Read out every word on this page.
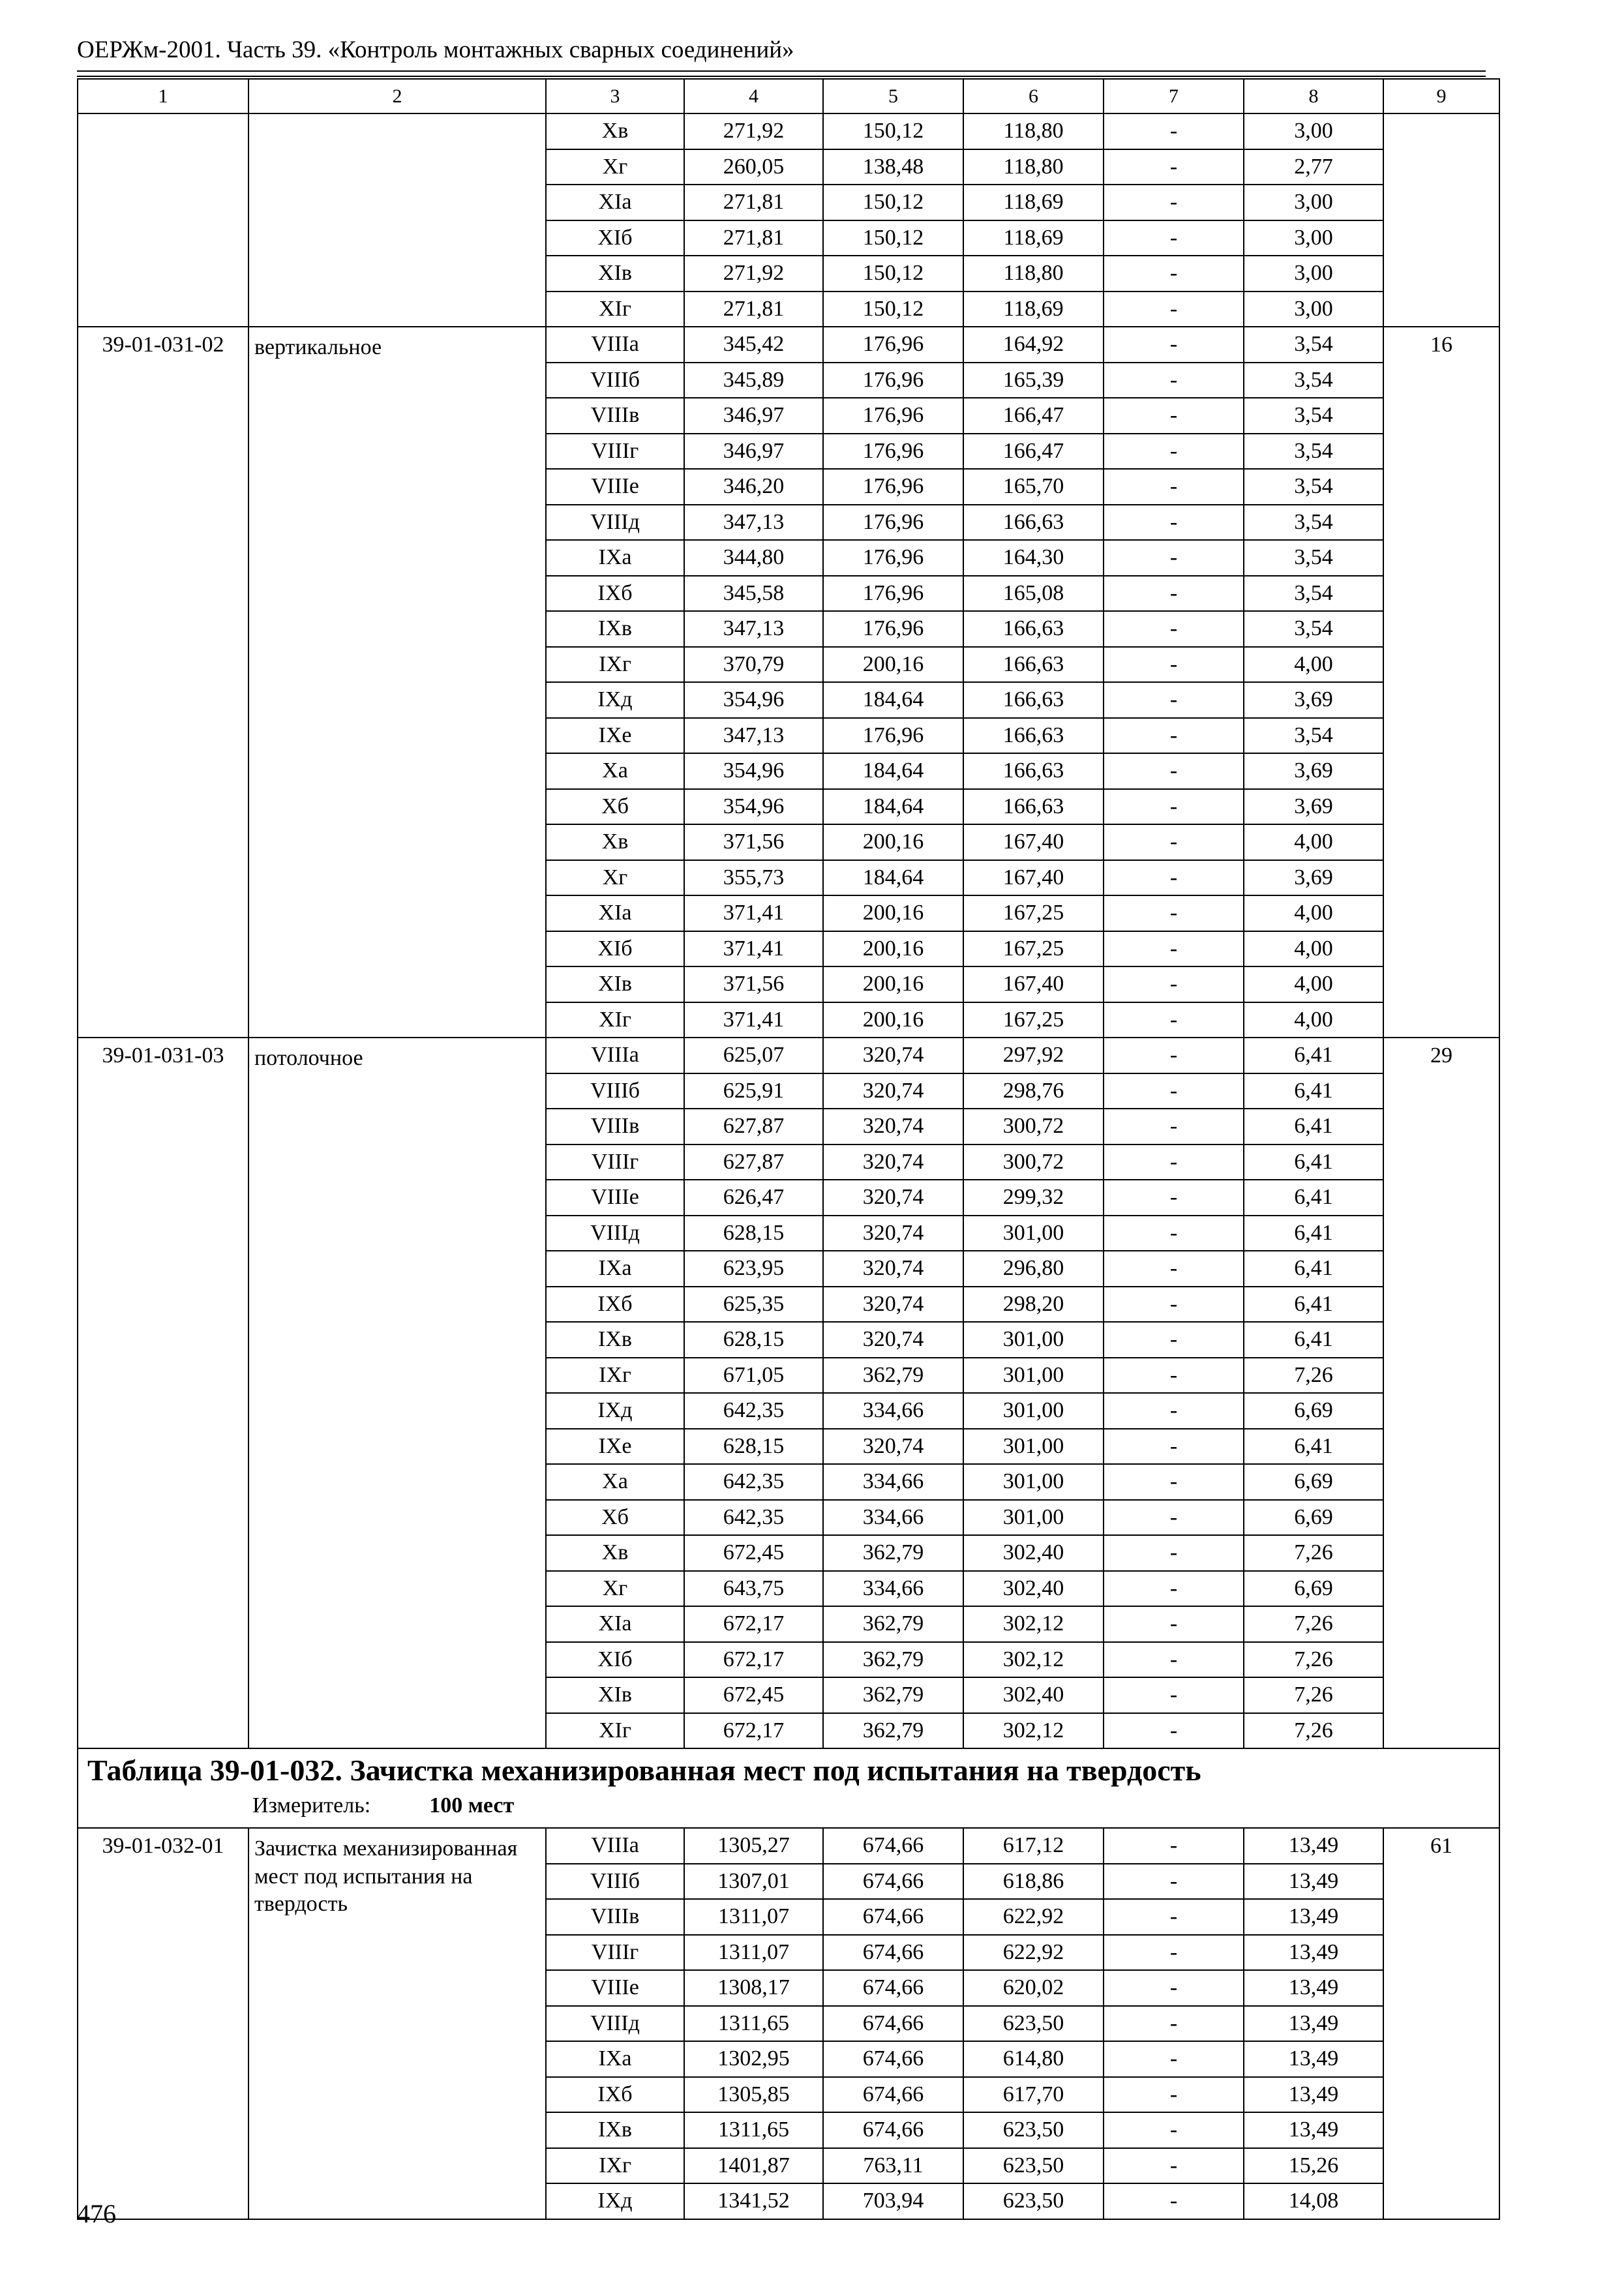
ОЕРЖм-2001. Часть 39. «Контроль монтажных сварных соединений»
1	2	3	4	5	6	7	8	9
		Хв	271,92	150,12	118,80	-	3,00	
		Хг	260,05	138,48	118,80	-	2,77	
		ХIа	271,81	150,12	118,69	-	3,00	
		ХIб	271,81	150,12	118,69	-	3,00	
		ХIв	271,92	150,12	118,80	-	3,00	
		ХIг	271,81	150,12	118,69	-	3,00	
39-01-031-02	вертикальное	VIIIа	345,42	176,96	164,92	-	3,54	16
		VIIIб	345,89	176,96	165,39	-	3,54	
		VIIIв	346,97	176,96	166,47	-	3,54	
		VIIIг	346,97	176,96	166,47	-	3,54	
		VIIIе	346,20	176,96	165,70	-	3,54	
		VIIIд	347,13	176,96	166,63	-	3,54	
		IХа	344,80	176,96	164,30	-	3,54	
		IХб	345,58	176,96	165,08	-	3,54	
		IХв	347,13	176,96	166,63	-	3,54	
		IХг	370,79	200,16	166,63	-	4,00	
		IХд	354,96	184,64	166,63	-	3,69	
		IХе	347,13	176,96	166,63	-	3,54	
		Ха	354,96	184,64	166,63	-	3,69	
		Хб	354,96	184,64	166,63	-	3,69	
		Хв	371,56	200,16	167,40	-	4,00	
		Хг	355,73	184,64	167,40	-	3,69	
		ХIа	371,41	200,16	167,25	-	4,00	
		ХIб	371,41	200,16	167,25	-	4,00	
		ХIв	371,56	200,16	167,40	-	4,00	
		ХIг	371,41	200,16	167,25	-	4,00	
39-01-031-03	потолочное	VIIIа	625,07	320,74	297,92	-	6,41	29
		VIIIб	625,91	320,74	298,76	-	6,41	
		VIIIв	627,87	320,74	300,72	-	6,41	
		VIIIг	627,87	320,74	300,72	-	6,41	
		VIIIе	626,47	320,74	299,32	-	6,41	
		VIIIд	628,15	320,74	301,00	-	6,41	
		IХа	623,95	320,74	296,80	-	6,41	
		IХб	625,35	320,74	298,20	-	6,41	
		IХв	628,15	320,74	301,00	-	6,41	
		IХг	671,05	362,79	301,00	-	7,26	
		IХд	642,35	334,66	301,00	-	6,69	
		IХе	628,15	320,74	301,00	-	6,41	
		Ха	642,35	334,66	301,00	-	6,69	
		Хб	642,35	334,66	301,00	-	6,69	
		Хв	672,45	362,79	302,40	-	7,26	
		Хг	643,75	334,66	302,40	-	6,69	
		ХIа	672,17	362,79	302,12	-	7,26	
		ХIб	672,17	362,79	302,12	-	7,26	
		ХIв	672,45	362,79	302,40	-	7,26	
		ХIг	672,17	362,79	302,12	-	7,26	

Таблица 39-01-032. Зачистка механизированная мест под испытания на твердость
Измеритель: 100 мест								

39-01-032-01	Зачистка механизированная мест под испытания на твердость	VIIIа	1305,27	674,66	617,12	-	13,49	61
		VIIIб	1307,01	674,66	618,86	-	13,49	
		VIIIв	1311,07	674,66	622,92	-	13,49	
		VIIIг	1311,07	674,66	622,92	-	13,49	
		VIIIе	1308,17	674,66	620,02	-	13,49	
		VIIIд	1311,65	674,66	623,50	-	13,49	
		IХа	1302,95	674,66	614,80	-	13,49	
		IХб	1305,85	674,66	617,70	-	13,49	
		IХв	1311,65	674,66	623,50	-	13,49	
		IХг	1401,87	763,11	623,50	-	15,26	
		IХд	1341,52	703,94	623,50	-	14,08	
476
